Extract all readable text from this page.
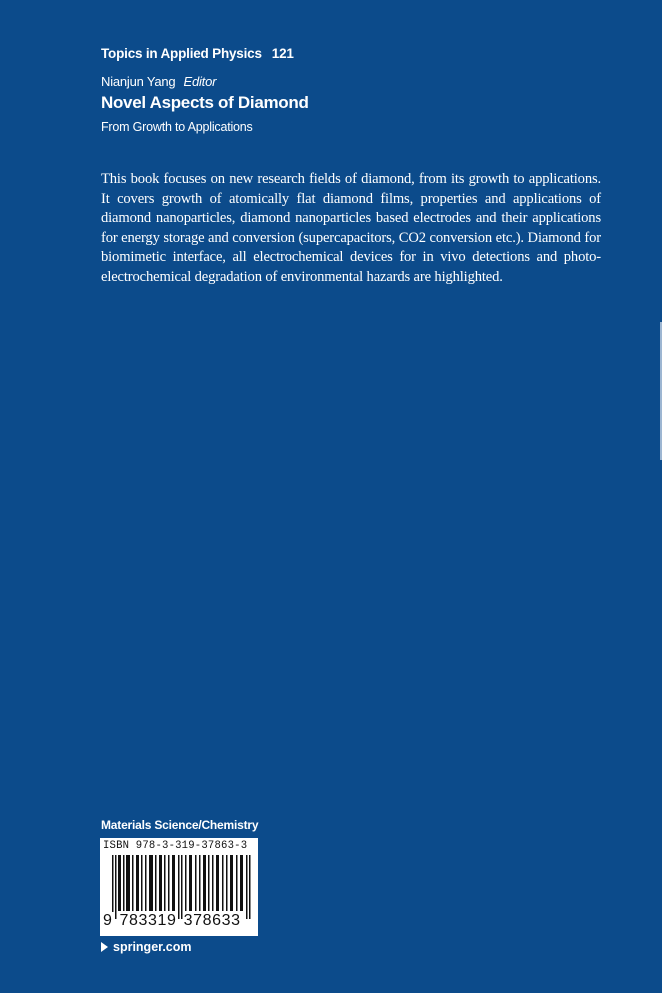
Topics in Applied Physics 121
Nianjun Yang Editor
Novel Aspects of Diamond
From Growth to Applications
This book focuses on new research fields of diamond, from its growth to applications. It covers growth of atomically flat diamond films, properties and applications of diamond nanoparticles, diamond nanoparticles based electrodes and their applications for energy storage and conversion (supercapacitors, CO2 conversion etc.). Diamond for biomimetic interface, all electrochemical devices for in vivo detections and photo-electrochemical degradation of environmental hazards are highlighted.
Materials Science/Chemistry
ISBN 978-3-319-37863-3
9 783319 378633
springer.com
